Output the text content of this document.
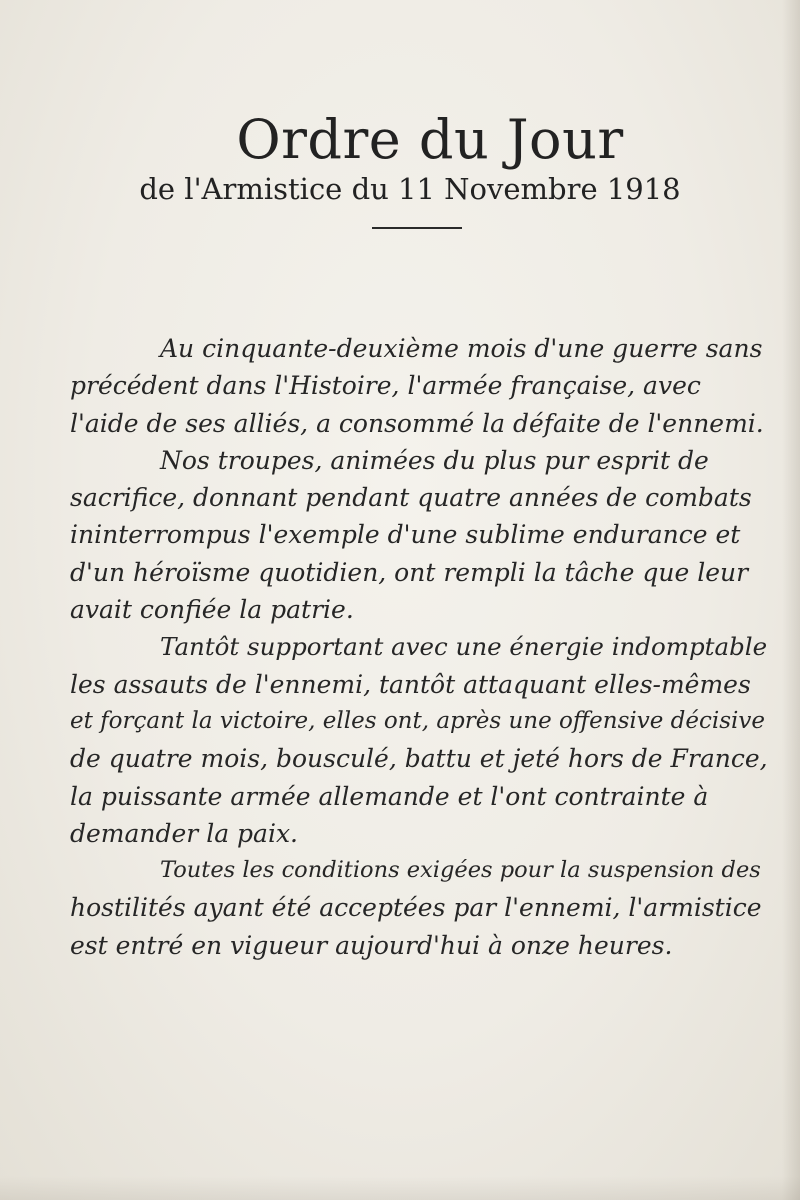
Ordre du Jour
de l'Armistice du 11 Novembre 1918
Au cinquante-deuxième mois d'une guerre sans
précédent dans l'Histoire, l'armée française, avec
l'aide de ses alliés, a consommé la défaite de l'ennemi.
Nos troupes, animées du plus pur esprit de
sacrifice, donnant pendant quatre années de combats
ininterrompus l'exemple d'une sublime endurance et
d'un héroïsme quotidien, ont rempli la tâche que leur
avait confiée la patrie.
Tantôt supportant avec une énergie indomptable
les assauts de l'ennemi, tantôt attaquant elles-mêmes
et forçant la victoire, elles ont, après une offensive décisive
de quatre mois, bousculé, battu et jeté hors de France,
la puissante armée allemande et l'ont contrainte à
demander la paix.
Toutes les conditions exigées pour la suspension des
hostilités ayant été acceptées par l'ennemi, l'armistice
est entré en vigueur aujourd'hui à onze heures.
